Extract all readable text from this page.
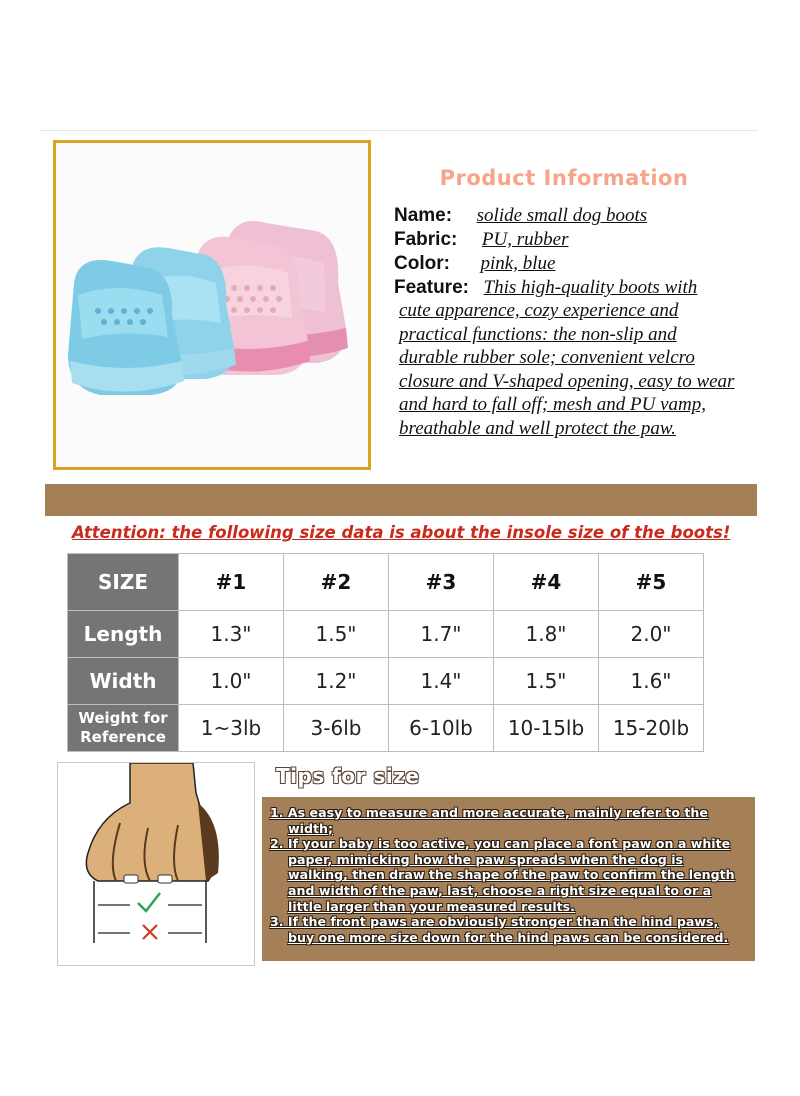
Product Information
Name: solide small dog boots
Fabric: PU, rubber
Color: pink, blue
Feature: This high-quality boots with
cute apparence, cozy experience and practical functions: the non-slip and durable rubber sole; convenient velcro closure and V-shaped opening, easy to wear and hard to fall off; mesh and PU vamp, breathable and well protect the paw.
Attention: the following size data is about the insole size of the boots!
SIZE	#1	#2	#3	#4	#5
Length	1.3"	1.5"	1.7"	1.8"	2.0"
Width	1.0"	1.2"	1.4"	1.5"	1.6"
Weight for
Reference	1~3lb	3-6lb	6-10lb	10-15lb	15-20lb
Tips for size
1. As easy to measure and more accurate, mainly refer to the width;
2. If your baby is too active, you can place a font paw on a white paper, mimicking how the paw spreads when the dog is walking, then draw the shape of the paw to confirm the length and width of the paw, last, choose a right size equal to or a little larger than your measured results.
3. If the front paws are obviously stronger than the hind paws, buy one more size down for the hind paws can be considered.
